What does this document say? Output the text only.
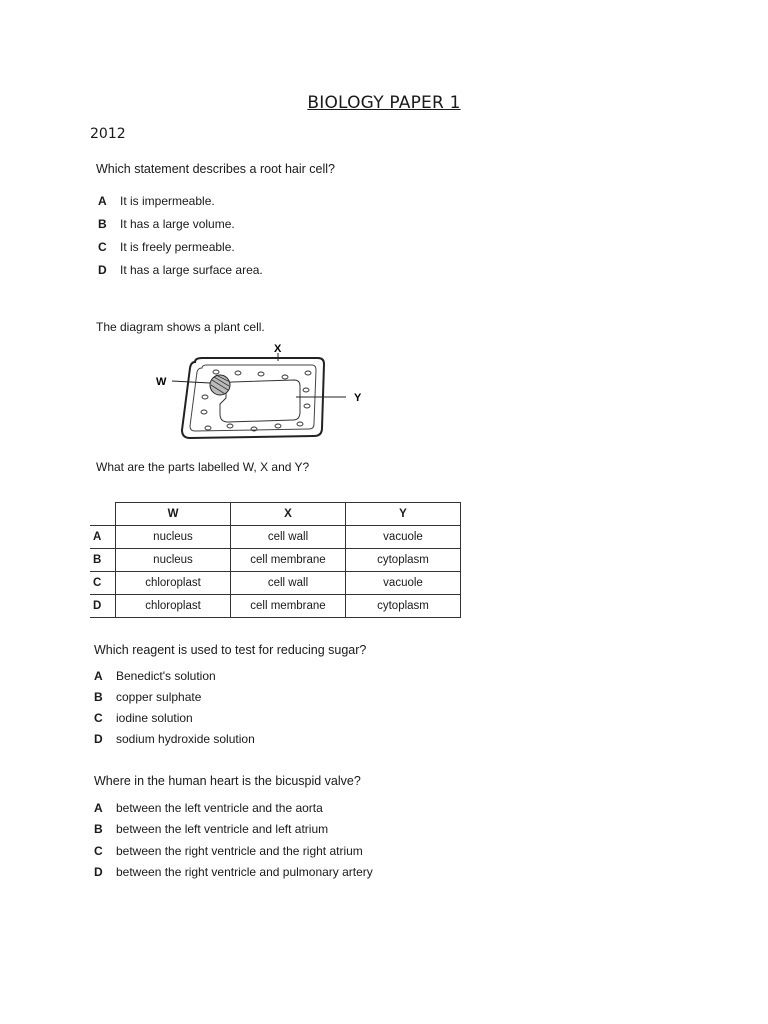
BIOLOGY PAPER 1
2012
Which statement describes a root hair cell?
A It is impermeable.
B It has a large volume.
C It is freely permeable.
D It has a large surface area.
The diagram shows a plant cell.
X
W
Y
What are the parts labelled W, X and Y?
	W	X	Y
A	nucleus	cell wall	vacuole
B	nucleus	cell membrane	cytoplasm
C	chloroplast	cell wall	vacuole
D	chloroplast	cell membrane	cytoplasm
Which reagent is used to test for reducing sugar?
A Benedict's solution
B copper sulphate
C iodine solution
D sodium hydroxide solution
Where in the human heart is the bicuspid valve?
A between the left ventricle and the aorta
B between the left ventricle and left atrium
C between the right ventricle and the right atrium
D between the right ventricle and pulmonary artery
